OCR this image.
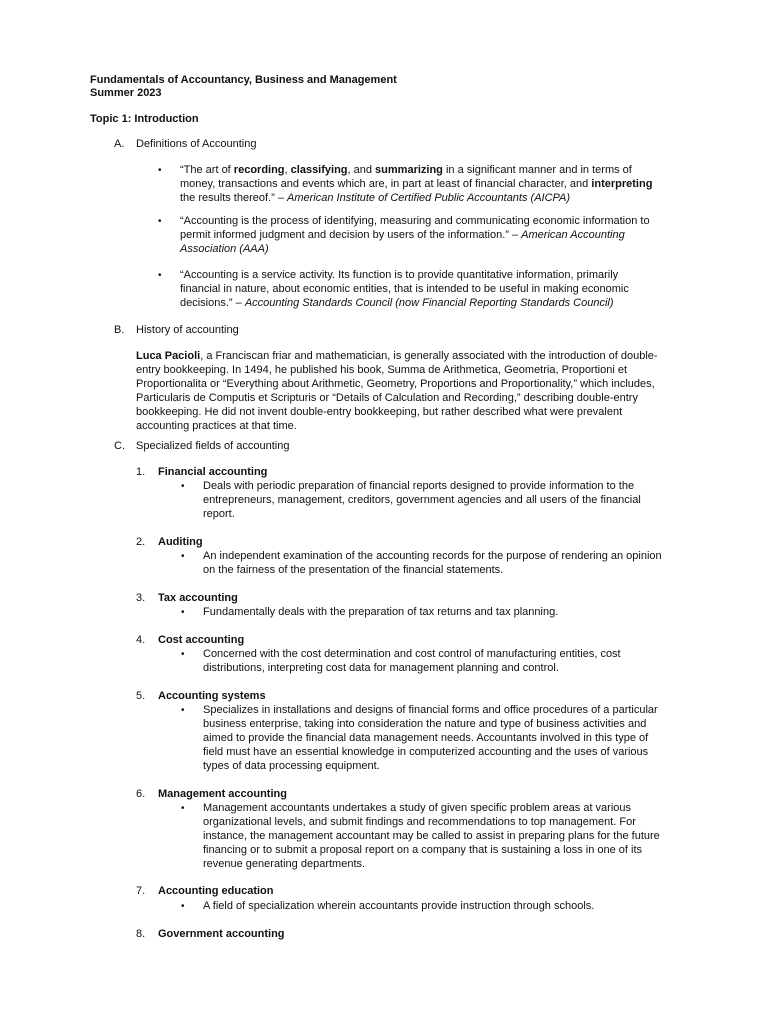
Fundamentals of Accountancy, Business and Management
Summer 2023
Topic 1: Introduction
A. Definitions of Accounting
• “The art of recording, classifying, and summarizing in a significant manner and in terms of
money, transactions and events which are, in part at least of financial character, and interpreting
the results thereof.” – American Institute of Certified Public Accountants (AICPA)
• “Accounting is the process of identifying, measuring and communicating economic information to
permit informed judgment and decision by users of the information.” – American Accounting
Association (AAA)
• “Accounting is a service activity. Its function is to provide quantitative information, primarily
financial in nature, about economic entities, that is intended to be useful in making economic
decisions.” – Accounting Standards Council (now Financial Reporting Standards Council)
B. History of accounting
Luca Pacioli, a Franciscan friar and mathematician, is generally associated with the introduction of double-
entry bookkeeping. In 1494, he published his book, Summa de Arithmetica, Geometria, Proportioni et
Proportionalita or “Everything about Arithmetic, Geometry, Proportions and Proportionality,” which includes,
Particularis de Computis et Scripturis or “Details of Calculation and Recording,” describing double-entry
bookkeeping. He did not invent double-entry bookkeeping, but rather described what were prevalent
accounting practices at that time.
C. Specialized fields of accounting
1. Financial accounting
• Deals with periodic preparation of financial reports designed to provide information to the
entrepreneurs, management, creditors, government agencies and all users of the financial
report.
2. Auditing
• An independent examination of the accounting records for the purpose of rendering an opinion
on the fairness of the presentation of the financial statements.
3. Tax accounting
• Fundamentally deals with the preparation of tax returns and tax planning.
4. Cost accounting
• Concerned with the cost determination and cost control of manufacturing entities, cost
distributions, interpreting cost data for management planning and control.
5. Accounting systems
• Specializes in installations and designs of financial forms and office procedures of a particular
business enterprise, taking into consideration the nature and type of business activities and
aimed to provide the financial data management needs. Accountants involved in this type of
field must have an essential knowledge in computerized accounting and the uses of various
types of data processing equipment.
6. Management accounting
• Management accountants undertakes a study of given specific problem areas at various
organizational levels, and submit findings and recommendations to top management. For
instance, the management accountant may be called to assist in preparing plans for the future
financing or to submit a proposal report on a company that is sustaining a loss in one of its
revenue generating departments.
7. Accounting education
• A field of specialization wherein accountants provide instruction through schools.
8. Government accounting
